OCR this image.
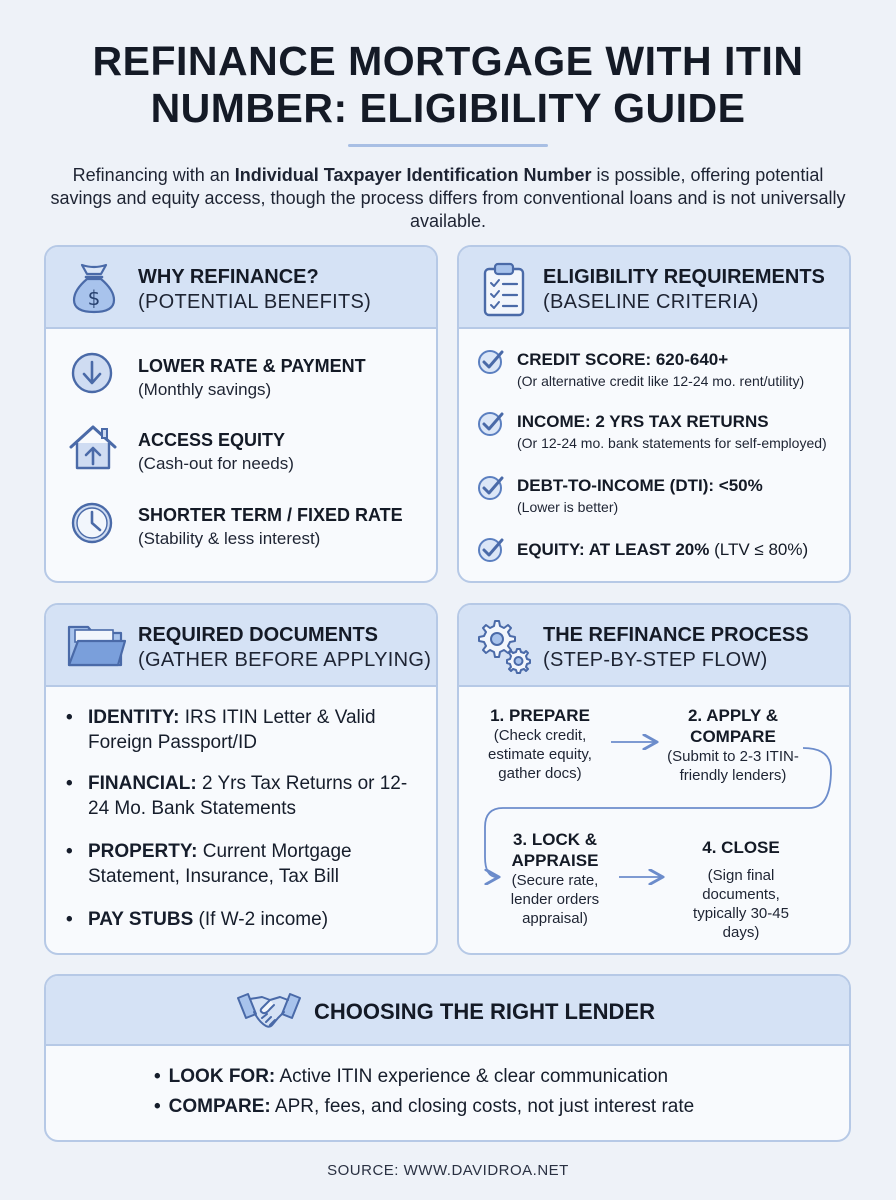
REFINANCE MORTGAGE WITH ITIN
NUMBER: ELIGIBILITY GUIDE
Refinancing with an Individual Taxpayer Identification Number is possible, offering potential savings and equity access, though the process differs from conventional loans and is not universally available.
$
WHY REFINANCE?
(POTENTIAL BENEFITS)
LOWER RATE & PAYMENT
(Monthly savings)
ACCESS EQUITY
(Cash-out for needs)
SHORTER TERM / FIXED RATE
(Stability & less interest)
ELIGIBILITY REQUIREMENTS
(BASELINE CRITERIA)
CREDIT SCORE: 620-640+
(Or alternative credit like 12-24 mo. rent/utility)
INCOME: 2 YRS TAX RETURNS
(Or 12-24 mo. bank statements for self-employed)
DEBT-TO-INCOME (DTI): <50%
(Lower is better)
EQUITY: AT LEAST 20% (LTV ≤ 80%)
REQUIRED DOCUMENTS
(GATHER BEFORE APPLYING)
• IDENTITY: IRS ITIN Letter & Valid Foreign Passport/ID
• FINANCIAL: 2 Yrs Tax Returns or 12-24 Mo. Bank Statements
• PROPERTY: Current Mortgage Statement, Insurance, Tax Bill
• PAY STUBS (If W-2 income)
THE REFINANCE PROCESS
(STEP-BY-STEP FLOW)
1. PREPARE
(Check credit, estimate equity, gather docs)
2. APPLY & COMPARE
(Submit to 2-3 ITIN-friendly lenders)
3. LOCK & APPRAISE
(Secure rate, lender orders appraisal)
4. CLOSE
(Sign final documents, typically 30-45 days)
CHOOSING THE RIGHT LENDER
• LOOK FOR: Active ITIN experience & clear communication
• COMPARE: APR, fees, and closing costs, not just interest rate
SOURCE: WWW.DAVIDROA.NET
